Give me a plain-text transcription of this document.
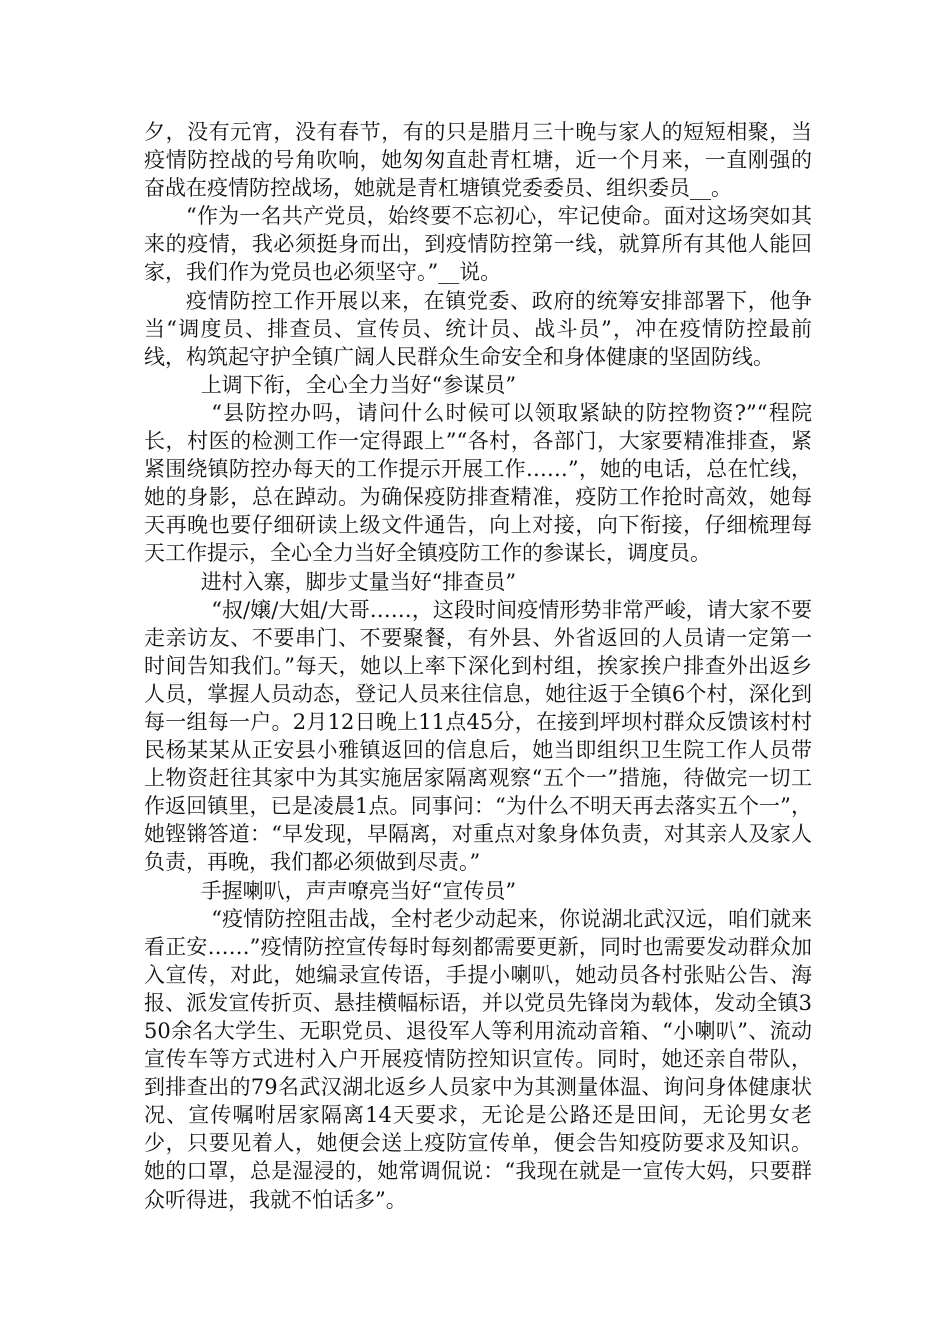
夕，没有元宵，没有春节，有的只是腊月三十晚与家人的短短相聚，当疫情防控战的号角吹响，她匆匆直赴青杠塘，近一个月来，一直刚强的奋战在疫情防控战场，她就是青杠塘镇党委委员、组织委员__。

“作为一名共产党员，始终要不忘初心，牢记使命。面对这场突如其来的疫情，我必须挺身而出，到疫情防控第一线，就算所有其他人能回家，我们作为党员也必须坚守。”__说。

疫情防控工作开展以来，在镇党委、政府的统筹安排部署下，他争当“调度员、排查员、宣传员、统计员、战斗员”，冲在疫情防控最前线，构筑起守护全镇广阔人民群众生命安全和身体健康的坚固防线。

上调下衔，全心全力当好“参谋员”

“县防控办吗，请问什么时候可以领取紧缺的防控物资?”“程院长，村医的检测工作一定得跟上”“各村，各部门，大家要精准排查，紧紧围绕镇防控办每天的工作提示开展工作……”，她的电话，总在忙线，她的身影，总在踔动。为确保疫防排查精准，疫防工作抢时高效，她每天再晚也要仔细研读上级文件通告，向上对接，向下衔接，仔细梳理每天工作提示，全心全力当好全镇疫防工作的参谋长，调度员。

进村入寨，脚步丈量当好“排查员”

“叔/嬢/大姐/大哥……，这段时间疫情形势非常严峻，请大家不要走亲访友、不要串门、不要聚餐，有外县、外省返回的人员请一定第一时间告知我们。”每天，她以上率下深化到村组，挨家挨户排查外出返乡人员，掌握人员动态，登记人员来往信息，她往返于全镇6个村，深化到每一组每一户。2月12日晚上11点45分，在接到坪坝村群众反馈该村村民杨某某从正安县小雅镇返回的信息后，她当即组织卫生院工作人员带上物资赶往其家中为其实施居家隔离观察“五个一”措施，待做完一切工作返回镇里，已是凌晨1点。同事问：“为什么不明天再去落实五个一”，她铿锵答道：“早发现，早隔离，对重点对象身体负责，对其亲人及家人负责，再晚，我们都必须做到尽责。”

手握喇叭，声声嘹亮当好“宣传员”

“疫情防控阻击战，全村老少动起来，你说湖北武汉远，咱们就来看正安……”疫情防控宣传每时每刻都需要更新，同时也需要发动群众加入宣传，对此，她编录宣传语，手提小喇叭，她动员各村张贴公告、海报、派发宣传折页、悬挂横幅标语，并以党员先锋岗为载体，发动全镇350余名大学生、无职党员、退役军人等利用流动音箱、“小喇叭”、流动宣传车等方式进村入户开展疫情防控知识宣传。同时，她还亲自带队，到排查出的79名武汉湖北返乡人员家中为其测量体温、询问身体健康状况、宣传嘱咐居家隔离14天要求，无论是公路还是田间，无论男女老少，只要见着人，她便会送上疫防宣传单，便会告知疫防要求及知识。她的口罩，总是湿浸的，她常调侃说：“我现在就是一宣传大妈，只要群众听得进，我就不怕话多”。
